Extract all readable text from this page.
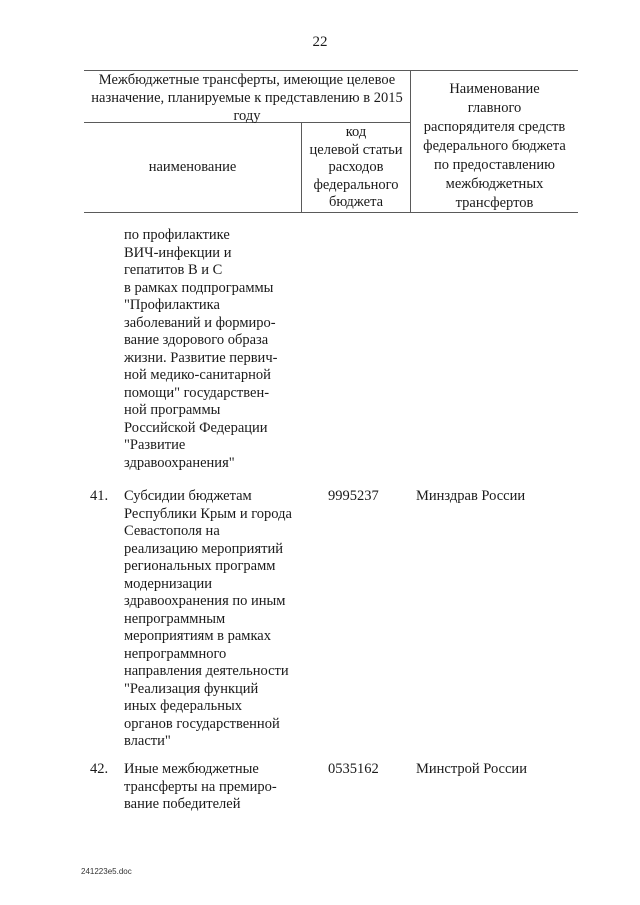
22
Межбюджетные трансферты, имеющие целевое назначение, планируемые к представлению в 2015 году
наименование
код
целевой статьи
расходов
федерального
бюджета
Наименование
главного
распорядителя средств
федерального бюджета
по предоставлению
межбюджетных
трансфертов
по профилактике
ВИЧ-инфекции и
гепатитов B и C
в рамках подпрограммы
"Профилактика
заболеваний и формиро-
вание здорового образа
жизни. Развитие первич-
ной медико-санитарной
помощи" государствен-
ной программы
Российской Федерации
"Развитие
здравоохранения"
41. Субсидии бюджетам
Республики Крым и города
Севастополя на
реализацию мероприятий
региональных программ
модернизации
здравоохранения по иным
непрограммным
мероприятиям в рамках
непрограммного
направления деятельности
"Реализация функций
иных федеральных
органов государственной
власти"
9995237	Минздрав России
42. Иные межбюджетные
трансферты на премиро-
вание победителей
0535162	Минстрой России
241223e5.doc
